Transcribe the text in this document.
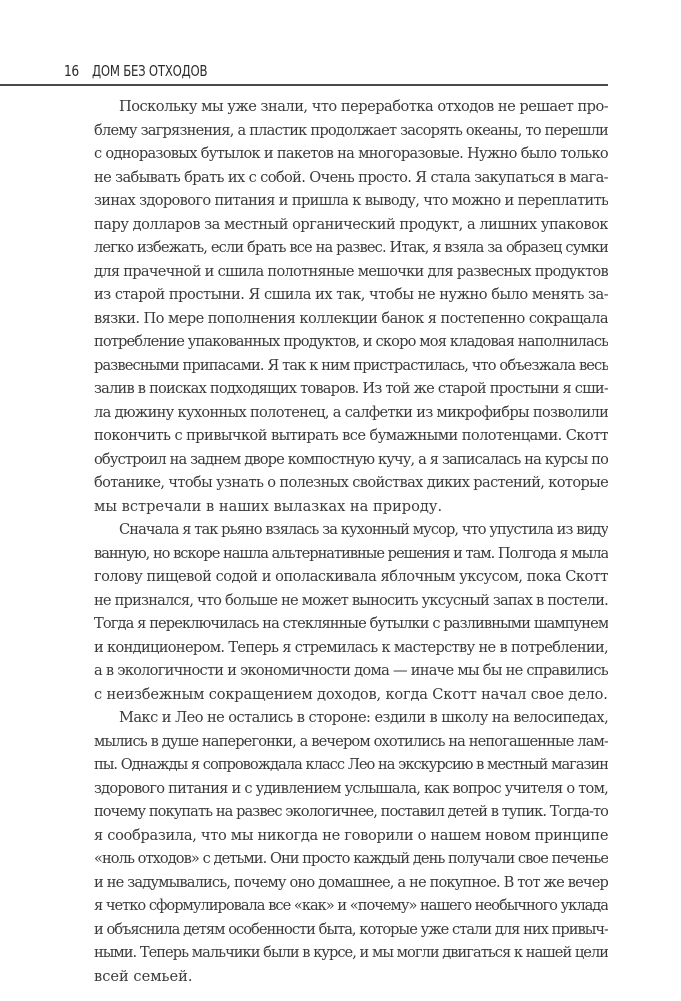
16 ДОМ БЕЗ ОТХОДОВ
Поскольку мы уже знали, что переработка отходов не решает про-
блему загрязнения, а пластик продолжает засорять океаны, то перешли
с одноразовых бутылок и пакетов на многоразовые. Нужно было только
не забывать брать их с собой. Очень просто. Я стала закупаться в мага-
зинах здорового питания и пришла к выводу, что можно и переплатить
пару долларов за местный органический продукт, а лишних упаковок
легко избежать, если брать все на развес. Итак, я взяла за образец сумки
для прачечной и сшила полотняные мешочки для развесных продуктов
из старой простыни. Я сшила их так, чтобы не нужно было менять за-
вязки. По мере пополнения коллекции банок я постепенно сокращала
потребление упакованных продуктов, и скоро моя кладовая наполнилась
развесными припасами. Я так к ним пристрастилась, что объезжала весь
залив в поисках подходящих товаров. Из той же старой простыни я сши-
ла дюжину кухонных полотенец, а салфетки из микрофибры позволили
покончить с привычкой вытирать все бумажными полотенцами. Скотт
обустроил на заднем дворе компостную кучу, а я записалась на курсы по
ботанике, чтобы узнать о полезных свойствах диких растений, которые
мы встречали в наших вылазках на природу.
Сначала я так рьяно взялась за кухонный мусор, что упустила из виду
ванную, но вскоре нашла альтернативные решения и там. Полгода я мыла
голову пищевой содой и ополаскивала яблочным уксусом, пока Скотт
не признался, что больше не может выносить уксусный запах в постели.
Тогда я переключилась на стеклянные бутылки с разливными шампунем
и кондиционером. Теперь я стремилась к мастерству не в потреблении,
а в экологичности и экономичности дома — иначе мы бы не справились
с неизбежным сокращением доходов, когда Скотт начал свое дело.
Макс и Лео не остались в стороне: ездили в школу на велосипедах,
мылись в душе наперегонки, а вечером охотились на непогашенные лам-
пы. Однажды я сопровождала класс Лео на экскурсию в местный магазин
здорового питания и с удивлением услышала, как вопрос учителя о том,
почему покупать на развес экологичнее, поставил детей в тупик. Тогда-то
я сообразила, что мы никогда не говорили о нашем новом принципе
«ноль отходов» с детьми. Они просто каждый день получали свое печенье
и не задумывались, почему оно домашнее, а не покупное. В тот же вечер
я четко сформулировала все «как» и «почему» нашего необычного уклада
и объяснила детям особенности быта, которые уже стали для них привыч-
ными. Теперь мальчики были в курсе, и мы могли двигаться к нашей цели
всей семьей.
